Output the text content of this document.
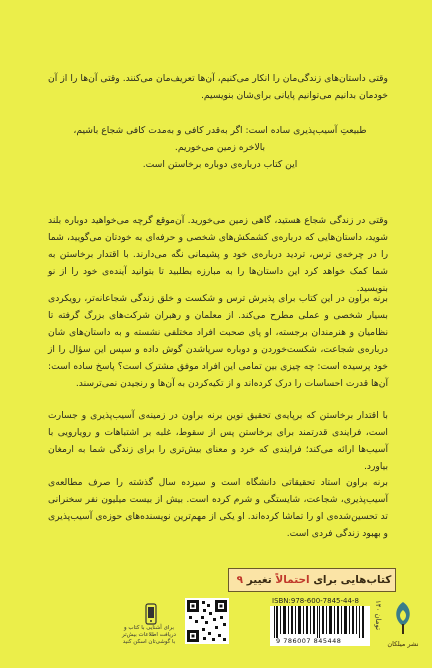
وقتی داستان‌های زندگی‌مان را انکار می‌کنیم، آن‌ها تعریف‌مان می‌کنند. وقتی آن‌ها را از آن خودمان بدانیم می‌توانیم پایانی برای‌شان بنویسیم.

طبیعتِ آسیب‌پذیری ساده است: اگر به‌قدر کافی و به‌مدت کافی شجاع باشیم،

بالاخره زمین می‌خوریم.

این کتاب درباره‌ی دوباره برخاستن است.

وقتی در زندگی شجاع هستید، گاهی زمین می‌خورید. آن‌موقع گرچه می‌خواهید دوباره بلند شوید، داستان‌هایی که درباره‌ی کشمکش‌های شخصی و حرفه‌ای به خودتان می‌گویید، شما را در چرخه‌ی ترس، تردید درباره‌ی خود و پشیمانی نگه می‌دارند. با اقتدار برخاستن به شما کمک خواهد کرد این داستان‌ها را به مبارزه بطلبید تا بتوانید آینده‌ی خود را از نو بنویسید.

برنه براون در این کتاب برای پذیرش ترس و شکست و خلق زندگی شجاعانه‌تر، رویکردی بسیار شخصی و عملی مطرح می‌کند. از معلمان و رهبران شرکت‌های بزرگ گرفته تا نظامیان و هنرمندان برجسته، او پای صحبت افراد مختلفی نشسته و به داستان‌های شان درباره‌ی شجاعت، شکست‌خوردن و دوباره سرپاشدن گوش داده و سپس این سؤال را از خود پرسیده است: چه چیزی بین تمامی این افراد موفق مشترک است؟ پاسخ ساده است: آن‌ها قدرت احساسات را درک کرده‌اند و از تکیه‌کردن به آن‌ها و رنجیدن نمی‌ترسند.

با اقتدار برخاستن که برپایه‌ی تحقیق نوین برنه براون در زمینه‌ی آسیب‌پذیری و جسارت است، فرایندی قدرتمند برای برخاستن پس از سقوط، غلبه بر اشتباهات و رویارویی با آسیب‌ها ارائه می‌کند؛ فرایندی که خرد و معنای بیش‌تری را برای زندگی شما به ارمغان بیاورد.

برنه براون استاد تحقیقاتی دانشگاه است و سیزده سال گذشته را صرف مطالعه‌ی آسیب‌پذیری، شجاعت، شایستگی و شرم کرده است. بیش از بیست میلیون نفر سخنرانی تد تحسین‌شده‌ی او را تماشا کرده‌اند. او یکی از مهم‌ترین نویسنده‌های حوزه‌ی آسیب‌پذیری و بهبود زندگی فردی است.

کتاب‌هایی برای

احتمالاً

تغییر

۹
ISBN:978-600-7845-44-8
9 786007 845448
۱۴۰ تومان
نشر میلکان
برای آشنایی با کتاب و دریافت اطلاعات بیش‌تر با گوشی‌تان اسکن کنید
